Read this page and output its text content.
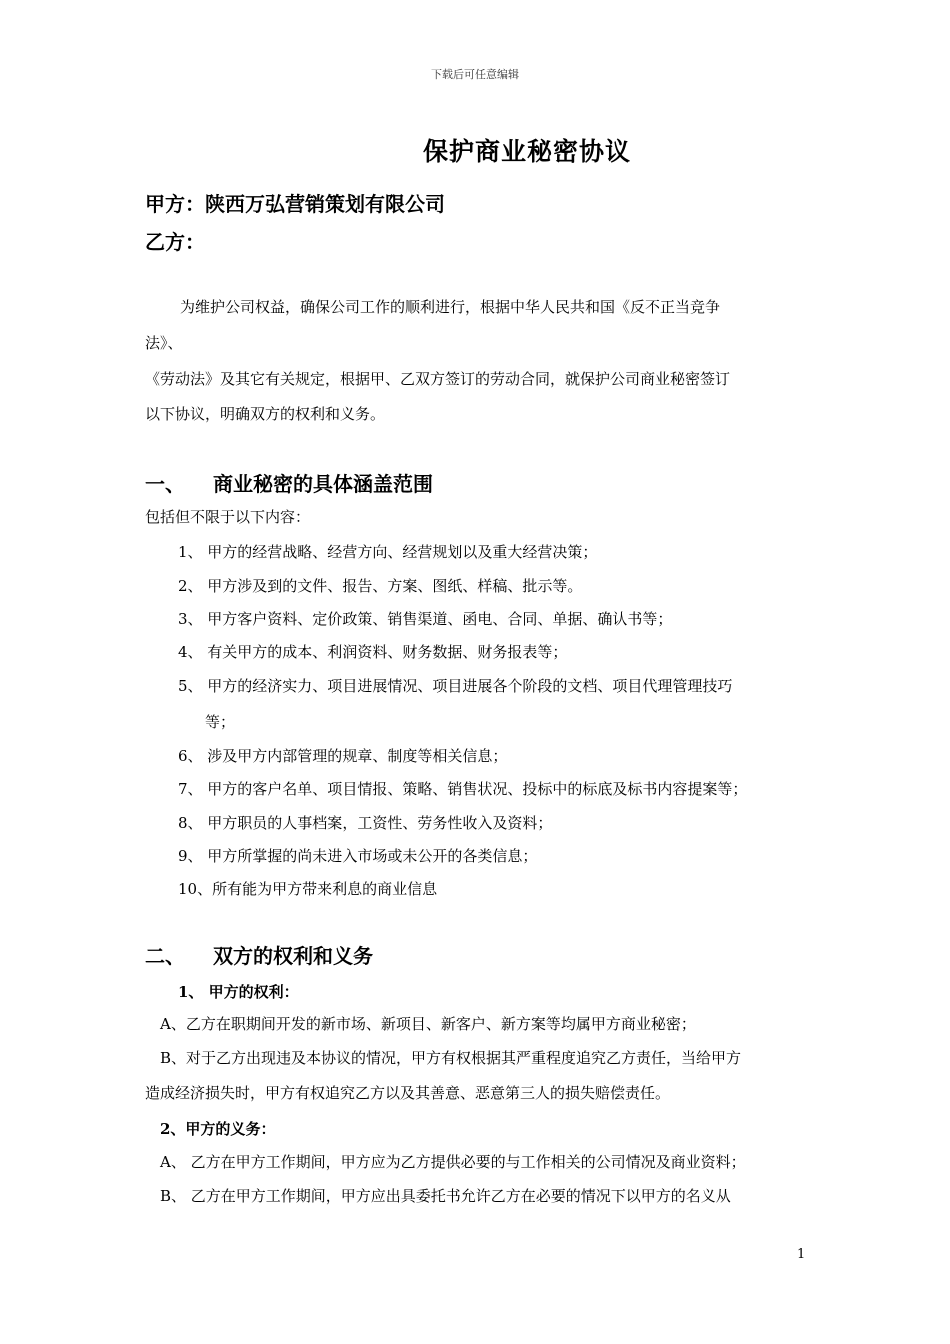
下载后可任意编辑
保护商业秘密协议
甲方：陕西万弘营销策划有限公司
乙方：
为维护公司权益，确保公司工作的顺利进行，根据中华人民共和国《反不正当竞争
法》、
《劳动法》及其它有关规定，根据甲、乙双方签订的劳动合同，就保护公司商业秘密签订
以下协议，明确双方的权利和义务。
一、 商业秘密的具体涵盖范围
包括但不限于以下内容：
1、 甲方的经营战略、经营方向、经营规划以及重大经营决策；
2、 甲方涉及到的文件、报告、方案、图纸、样稿、批示等。
3、 甲方客户资料、定价政策、销售渠道、函电、合同、单据、确认书等；
4、 有关甲方的成本、利润资料、财务数据、财务报表等；
5、 甲方的经济实力、项目进展情况、项目进展各个阶段的文档、项目代理管理技巧
等；
6、 涉及甲方内部管理的规章、制度等相关信息；
7、 甲方的客户名单、项目情报、策略、销售状况、投标中的标底及标书内容提案等；
8、 甲方职员的人事档案，工资性、劳务性收入及资料；
9、 甲方所掌握的尚未进入市场或未公开的各类信息；
10、所有能为甲方带来利息的商业信息
二、 双方的权利和义务
1、 甲方的权利：
A、乙方在职期间开发的新市场、新项目、新客户、新方案等均属甲方商业秘密；
B、对于乙方出现违及本协议的情况，甲方有权根据其严重程度追究乙方责任，当给甲方
造成经济损失时，甲方有权追究乙方以及其善意、恶意第三人的损失赔偿责任。
2、甲方的义务：
A、 乙方在甲方工作期间，甲方应为乙方提供必要的与工作相关的公司情况及商业资料；
B、 乙方在甲方工作期间，甲方应出具委托书允许乙方在必要的情况下以甲方的名义从
1
